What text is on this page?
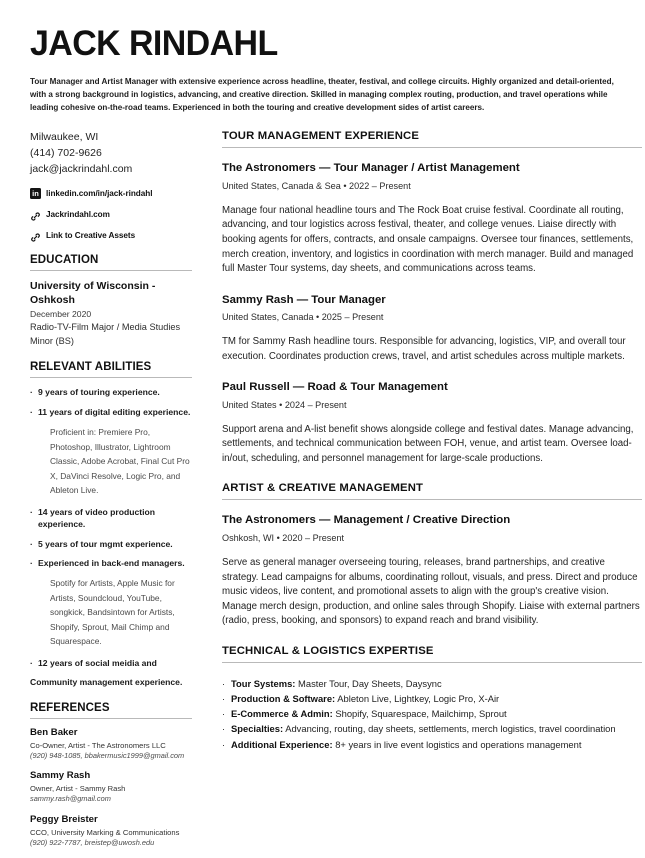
JACK RINDAHL
Tour Manager and Artist Manager with extensive experience across headline, theater, festival, and college circuits. Highly organized and detail-oriented, with a strong background in logistics, advancing, and creative direction. Skilled in managing complex routing, production, and travel operations while leading cohesive on-the-road teams. Experienced in both the touring and creative development sides of artist careers.
Milwaukee, WI
(414) 702-9626
jack@jackrindahl.com
in linkedin.com/in/jack-rindahl
Jackrindahl.com
Link to Creative Assets
EDUCATION
University of Wisconsin - Oshkosh
December 2020
Radio-TV-Film Major / Media Studies Minor (BS)
RELEVANT ABILITIES
· 9 years of touring experience.
· 11 years of digital editing experience.
Proficient in: Premiere Pro, Photoshop, Illustrator, Lightroom Classic, Adobe Acrobat, Final Cut Pro X, DaVinci Resolve, Logic Pro, and Ableton Live.
· 14 years of video production experience.
· 5 years of tour mgmt experience.
· Experienced in back-end managers.
Spotify for Artists, Apple Music for Artists, Soundcloud, YouTube, songkick, Bandsintown for Artists, Shopify, Sprout, Mail Chimp and Squarespace.
· 12 years of social meidia and
Community management experience.
REFERENCES
Ben Baker
Co-Owner, Artist - The Astronomers LLC
(920) 948-1085, bbakermusic1999@gmail.com
Sammy Rash
Owner, Artist - Sammy Rash
sammy.rash@gmail.com
Peggy Breister
CCO, University Marking & Communications
(920) 922-7787, breistep@uwosh.edu
TOUR MANAGEMENT EXPERIENCE
The Astronomers — Tour Manager / Artist Management
United States, Canada & Sea • 2022 – Present
Manage four national headline tours and The Rock Boat cruise festival. Coordinate all routing, advancing, and tour logistics across festival, theater, and college venues. Liaise directly with booking agents for offers, contracts, and onsale campaigns. Oversee tour finances, settlements, merch creation, inventory, and logistics in coordination with merch manager. Build and managed full Master Tour systems, day sheets, and communications across teams.
Sammy Rash — Tour Manager
United States, Canada • 2025 – Present
TM for Sammy Rash headline tours. Responsible for advancing, logistics, VIP, and overall tour execution. Coordinates production crews, travel, and artist schedules across multiple markets.
Paul Russell — Road & Tour Management
United States • 2024 – Present
Support arena and A-list benefit shows alongside college and festival dates. Manage advancing, settlements, and technical communication between FOH, venue, and artist team. Oversee load-in/out, scheduling, and personnel management for large-scale productions.
ARTIST & CREATIVE MANAGEMENT
The Astronomers — Management / Creative Direction
Oshkosh, WI • 2020 – Present
Serve as general manager overseeing touring, releases, brand partnerships, and creative strategy. Lead campaigns for albums, coordinating rollout, visuals, and press. Direct and produce music videos, live content, and promotional assets to align with the group's creative vision. Manage merch design, production, and online sales through Shopify. Liaise with external partners (radio, press, booking, and sponsors) to expand reach and brand visibility.
TECHNICAL & LOGISTICS EXPERTISE
· Tour Systems: Master Tour, Day Sheets, Daysync
· Production & Software: Ableton Live, Lightkey, Logic Pro, X-Air
· E-Commerce & Admin: Shopify, Squarespace, Mailchimp, Sprout
· Specialties: Advancing, routing, day sheets, settlements, merch logistics, travel coordination
· Additional Experience: 8+ years in live event logistics and operations management
